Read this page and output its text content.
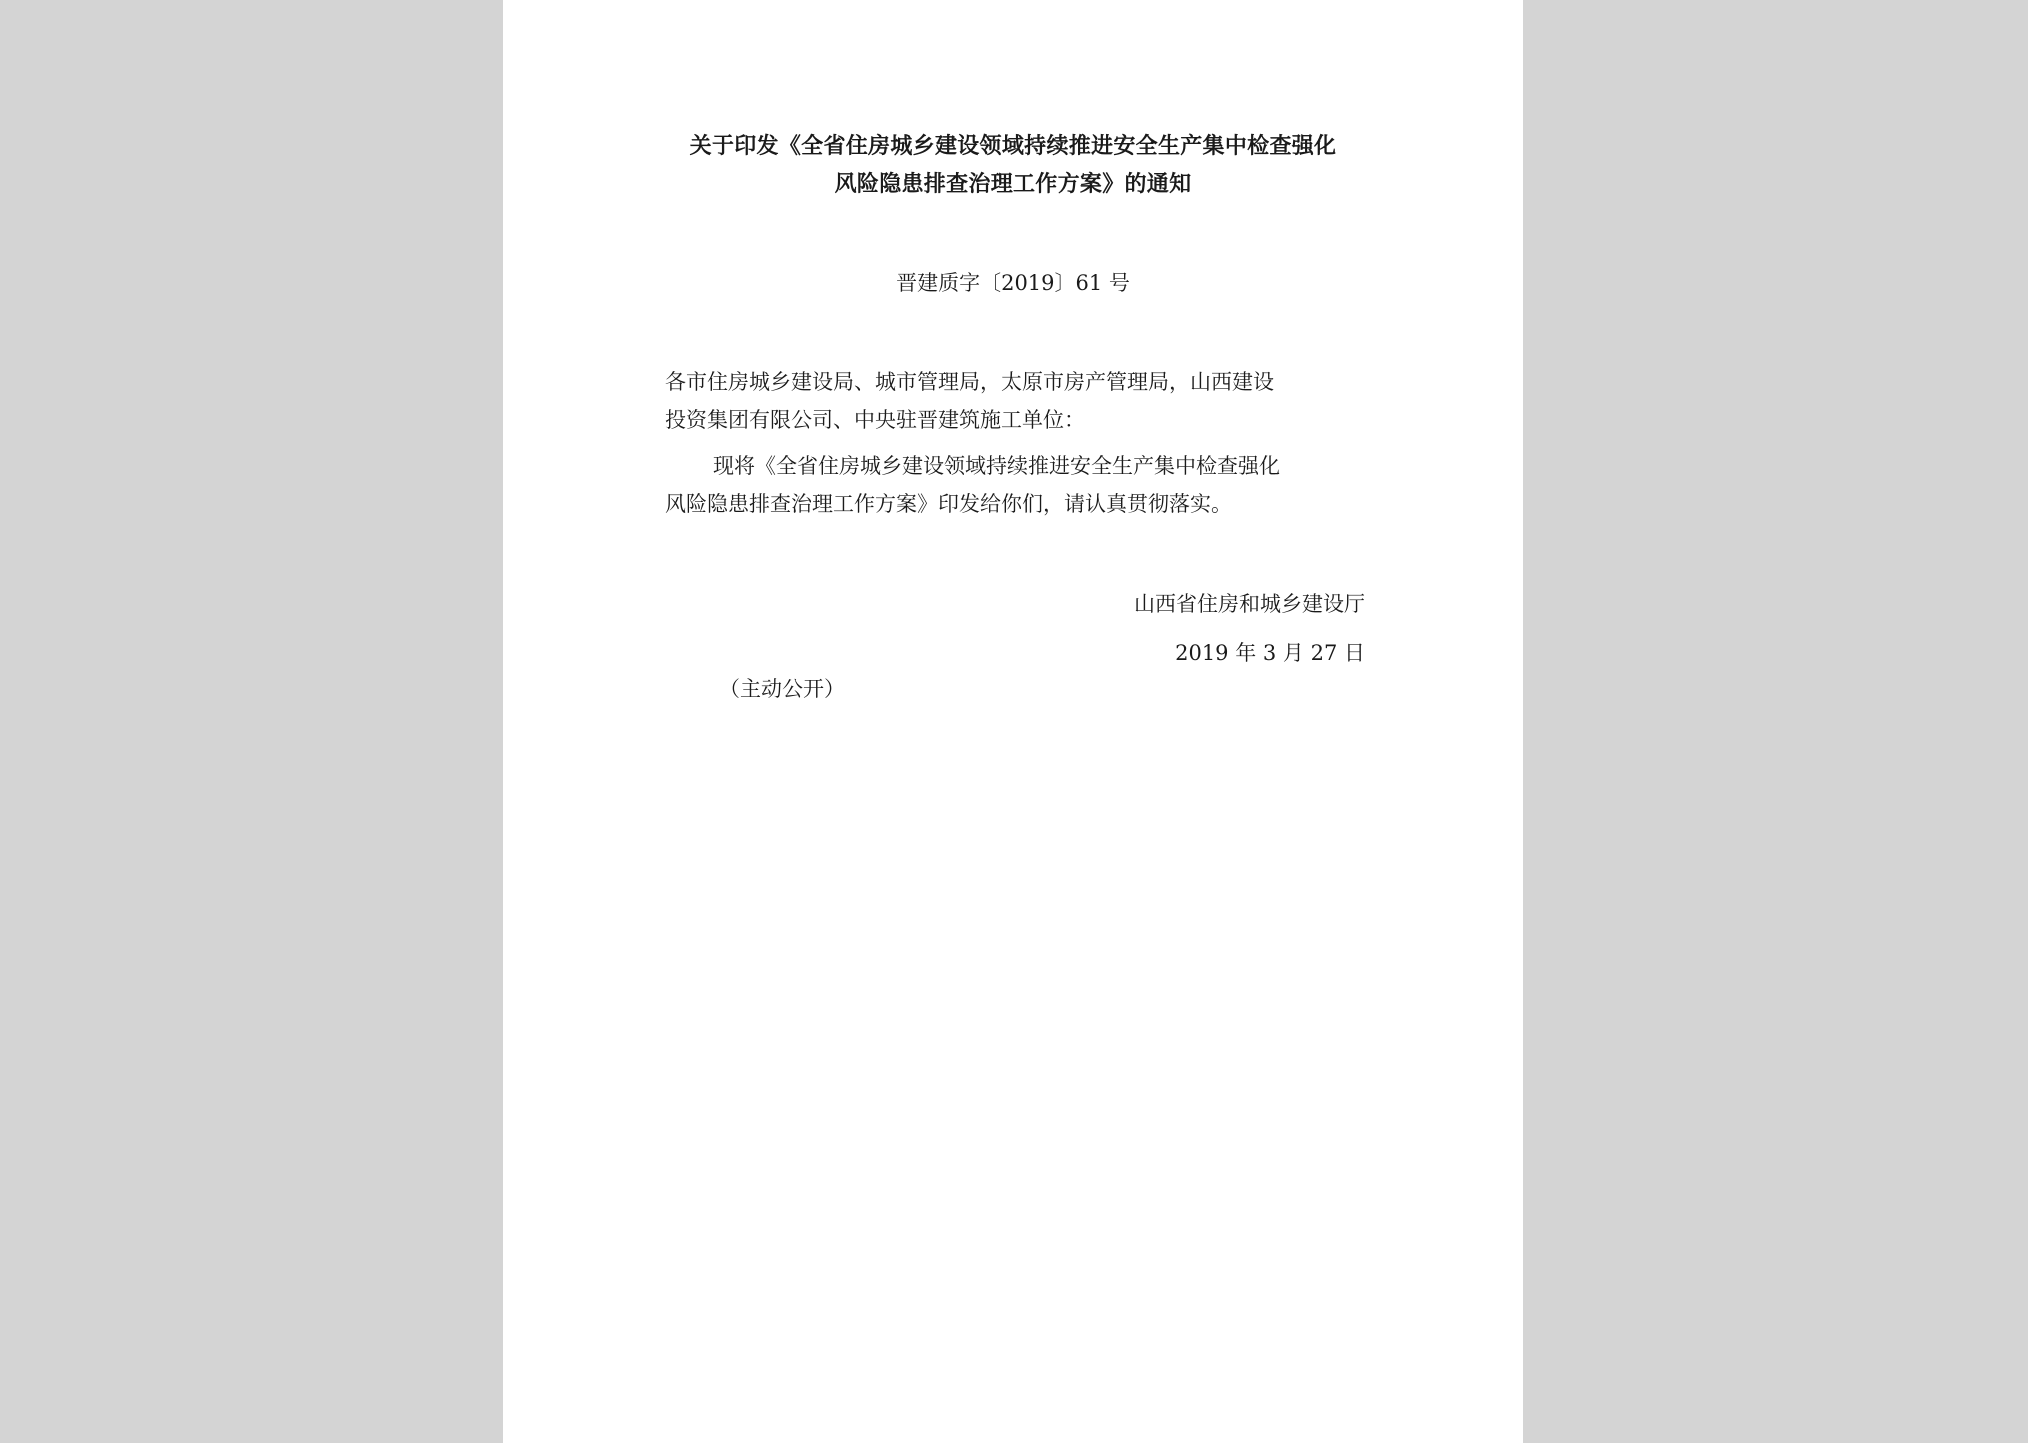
关于印发《全省住房城乡建设领域持续推进安全生产集中检查强化
风险隐患排查治理工作方案》的通知
晋建质字〔2019〕61 号

各市住房城乡建设局、城市管理局，太原市房产管理局，山西建设

投资集团有限公司、中央驻晋建筑施工单位：

现将《全省住房城乡建设领域持续推进安全生产集中检查强化

风险隐患排查治理工作方案》印发给你们，请认真贯彻落实。

山西省住房和城乡建设厅
2019 年 3 月 27 日
（主动公开）
